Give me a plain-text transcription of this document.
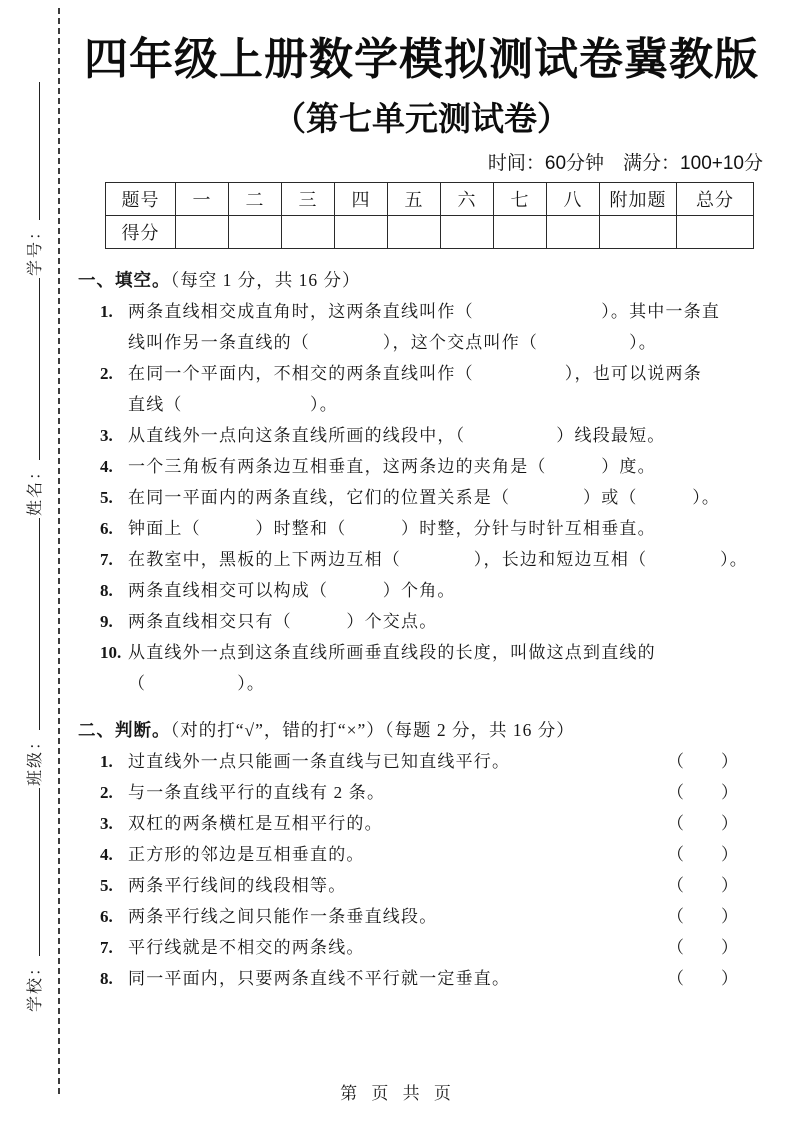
学校：班级：姓名：学号：
四年级上册数学模拟测试卷冀教版
（第七单元测试卷）
时间：60分钟　满分：100+10分
题号	一	二	三	四	五	六	七	八	附加题	总分
得分										
一、填空。（每空 1 分，共 16 分）
1. 两条直线相交成直角时，这两条直线叫作（　　　　　　　）。其中一条直
线叫作另一条直线的（　　　　），这个交点叫作（　　　　　）。
2. 在同一个平面内，不相交的两条直线叫作（　　　　　），也可以说两条
直线（　　　　　　　）。
3. 从直线外一点向这条直线所画的线段中，（　　　　　）线段最短。
4. 一个三角板有两条边互相垂直，这两条边的夹角是（　　　）度。
5. 在同一平面内的两条直线，它们的位置关系是（　　　　）或（　　　）。
6. 钟面上（　　　）时整和（　　　）时整，分针与时针互相垂直。
7. 在教室中，黑板的上下两边互相（　　　　），长边和短边互相（　　　　）。
8. 两条直线相交可以构成（　　　）个角。
9. 两条直线相交只有（　　　）个交点。
10. 从直线外一点到这条直线所画垂直线段的长度，叫做这点到直线的
（　　　　　）。
二、判断。（对的打“√”，错的打“×”）（每题 2 分，共 16 分）
1. 过直线外一点只能画一条直线与已知直线平行。	（　　）
2. 与一条直线平行的直线有 2 条。	（　　）
3. 双杠的两条横杠是互相平行的。	（　　）
4. 正方形的邻边是互相垂直的。	（　　）
5. 两条平行线间的线段相等。	（　　）
6. 两条平行线之间只能作一条垂直线段。	（　　）
7. 平行线就是不相交的两条线。	（　　）
8. 同一平面内，只要两条直线不平行就一定垂直。	（　　）
第 页 共 页
